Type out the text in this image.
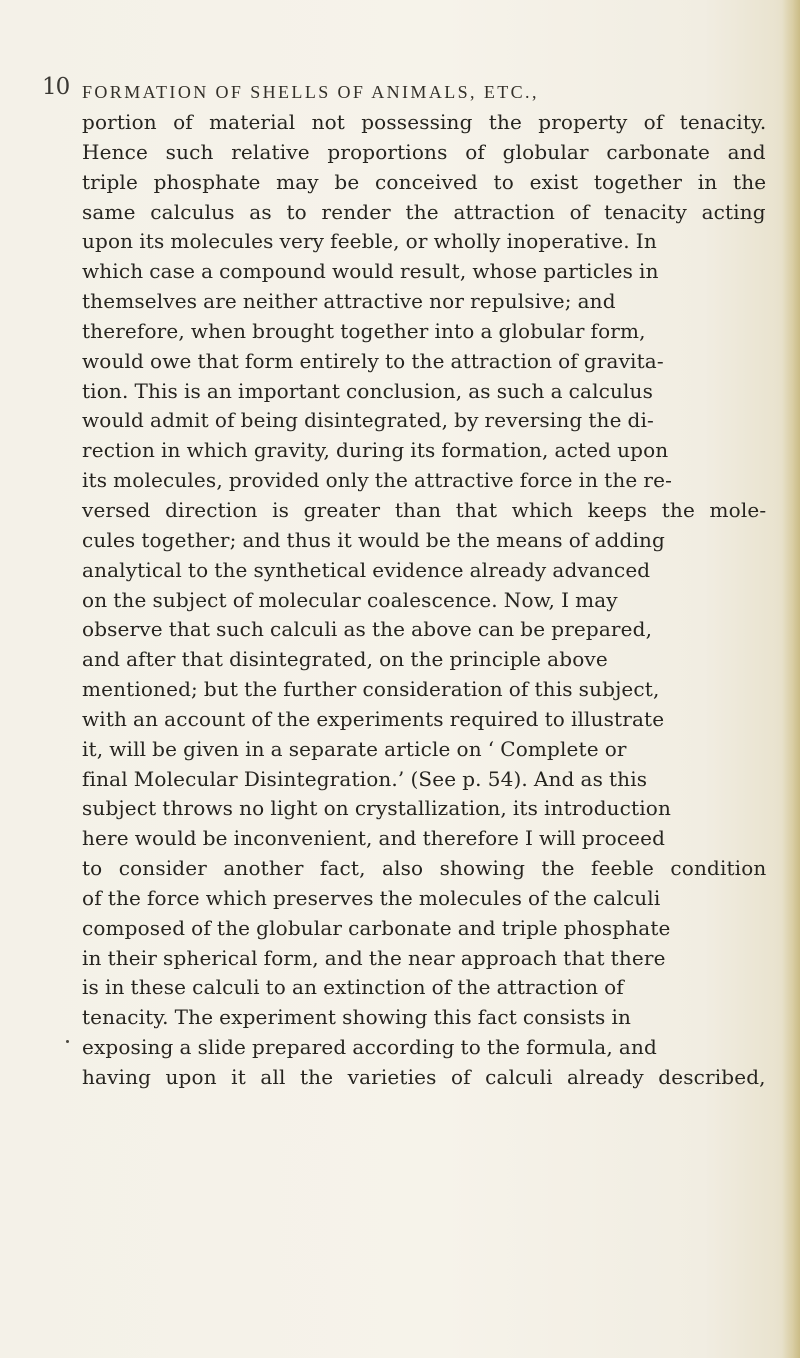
10 FORMATION OF SHELLS OF ANIMALS, ETC.,
portion of material not possessing the property of tenacity.
Hence such relative proportions of globular carbonate and
triple phosphate may be conceived to exist together in the
same calculus as to render the attraction of tenacity acting
upon its molecules very feeble, or wholly inoperative. In
which case a compound would result, whose particles in
themselves are neither attractive nor repulsive; and
therefore, when brought together into a globular form,
would owe that form entirely to the attraction of gravita-
tion. This is an important conclusion, as such a calculus
would admit of being disintegrated, by reversing the di-
rection in which gravity, during its formation, acted upon
its molecules, provided only the attractive force in the re-
versed direction is greater than that which keeps the mole-
cules together; and thus it would be the means of adding
analytical to the synthetical evidence already advanced
on the subject of molecular coalescence. Now, I may
observe that such calculi as the above can be prepared,
and after that disintegrated, on the principle above
mentioned; but the further consideration of this subject,
with an account of the experiments required to illustrate
it, will be given in a separate article on ‘ Complete or
final Molecular Disintegration.’ (See p. 54). And as this
subject throws no light on crystallization, its introduction
here would be inconvenient, and therefore I will proceed
to consider another fact, also showing the feeble condition
of the force which preserves the molecules of the calculi
composed of the globular carbonate and triple phosphate
in their spherical form, and the near approach that there
is in these calculi to an extinction of the attraction of
tenacity. The experiment showing this fact consists in
exposing a slide prepared according to the formula, and
having upon it all the varieties of calculi already described,
